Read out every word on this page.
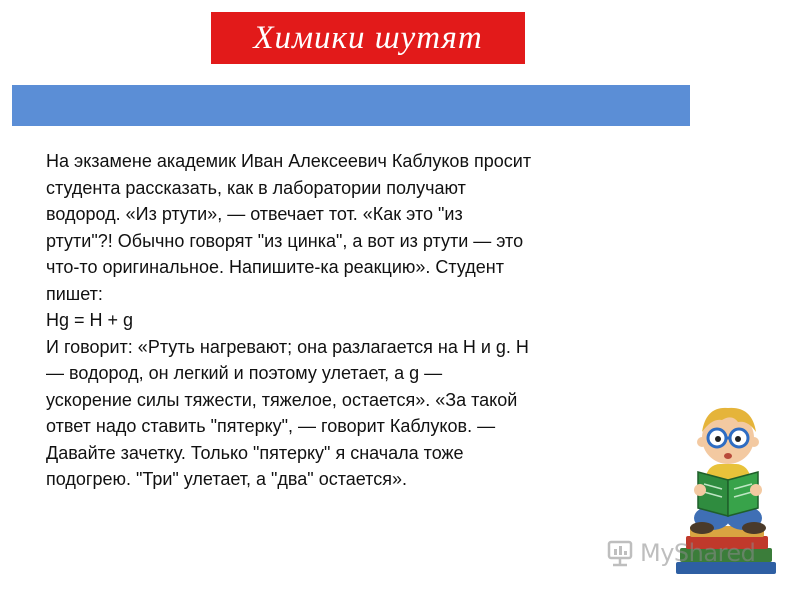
Химики шутят

На экзамене академик Иван Алексеевич Каблуков просит

студента рассказать, как в лаборатории получают

водород. «Из ртути», — отвечает тот. «Как это "из

ртути"?! Обычно говорят "из цинка", а вот из ртути — это

что-то оригинальное. Напишите-ка реакцию». Студент

пишет:

Hg = H + g

И говорит: «Ртуть нагревают; она разлагается на H и g. H

— водород, он легкий и поэтому улетает, а g —

ускорение силы тяжести, тяжелое, остается». «За такой

ответ надо ставить "пятерку", — говорит Каблуков. —

Давайте зачетку. Только "пятерку" я сначала тоже

подогрею. "Три" улетает, а "два" остается».

MyShared
